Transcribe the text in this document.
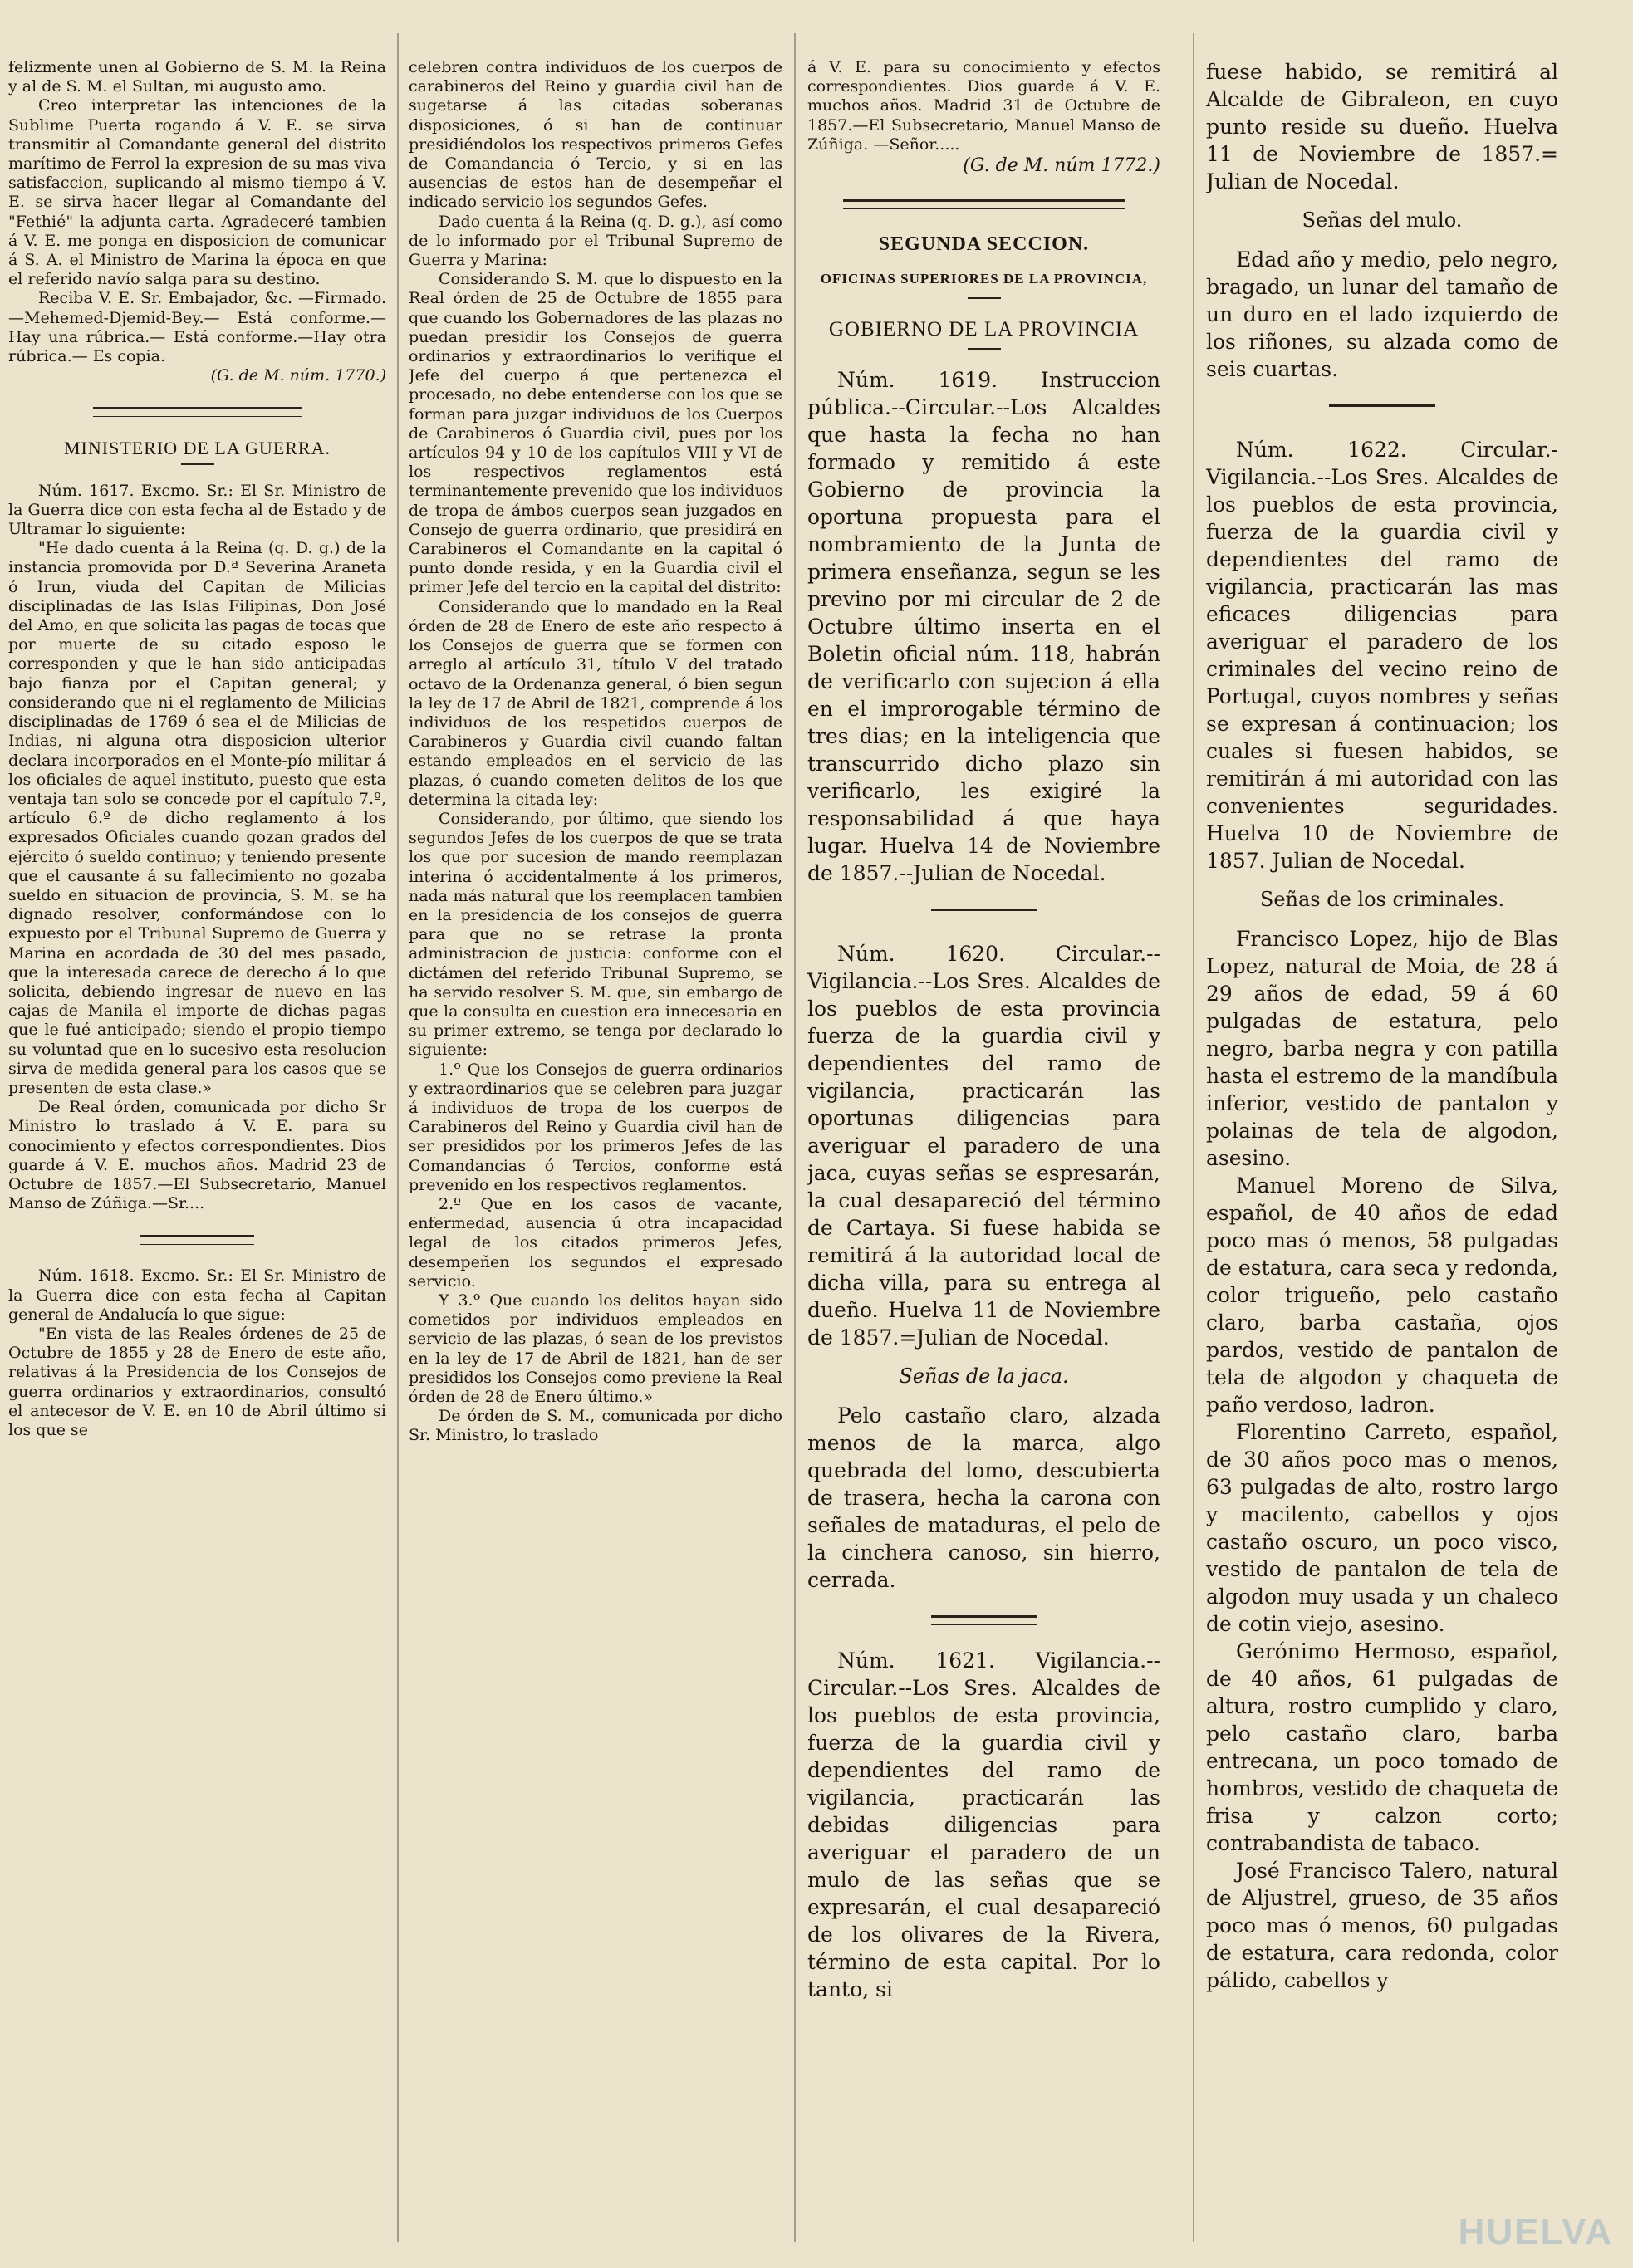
felizmente unen al Gobierno de S. M. la Reina y al de S. M. el Sultan, mi augusto amo.

Creo interpretar las intenciones de la Sublime Puerta rogando á V. E. se sirva transmitir al Comandante general del distrito marítimo de Ferrol la expresion de su mas viva satisfaccion, suplicando al mismo tiempo á V. E. se sirva hacer llegar al Comandante del "Fethié" la adjunta carta. Agradeceré tambien á V. E. me ponga en disposicion de comunicar á S. A. el Ministro de Marina la época en que el referido navío salga para su destino.

Reciba V. E. Sr. Embajador, &c. —Firmado.—Mehemed-Djemid-Bey.— Está conforme.—Hay una rúbrica.— Está conforme.—Hay otra rúbrica.— Es copia.

(G. de M. núm. 1770.)

MINISTERIO DE LA GUERRA.

Núm. 1617. Excmo. Sr.: El Sr. Ministro de la Guerra dice con esta fecha al de Estado y de Ultramar lo siguiente:

"He dado cuenta á la Reina (q. D. g.) de la instancia promovida por D.ª Severina Araneta ó Irun, viuda del Capitan de Milicias disciplinadas de las Islas Filipinas, Don José del Amo, en que solicita las pagas de tocas que por muerte de su citado esposo le corresponden y que le han sido anticipadas bajo fianza por el Capitan general; y considerando que ni el reglamento de Milicias disciplinadas de 1769 ó sea el de Milicias de Indias, ni alguna otra disposicion ulterior declara incorporados en el Monte-pío militar á los oficiales de aquel instituto, puesto que esta ventaja tan solo se concede por el capítulo 7.º, artículo 6.º de dicho reglamento á los expresados Oficiales cuando gozan grados del ejército ó sueldo continuo; y teniendo presente que el causante á su fallecimiento no gozaba sueldo en situacion de provincia, S. M. se ha dignado resolver, conformándose con lo expuesto por el Tribunal Supremo de Guerra y Marina en acordada de 30 del mes pasado, que la interesada carece de derecho á lo que solicita, debiendo ingresar de nuevo en las cajas de Manila el importe de dichas pagas que le fué anticipado; siendo el propio tiempo su voluntad que en lo sucesivo esta resolucion sirva de medida general para los casos que se presenten de esta clase.»

De Real órden, comunicada por dicho Sr Ministro lo traslado á V. E. para su conocimiento y efectos correspondientes. Dios guarde á V. E. muchos años. Madrid 23 de Octubre de 1857.—El Subsecretario, Manuel Manso de Zúñiga.—Sr....

Núm. 1618. Excmo. Sr.: El Sr. Ministro de la Guerra dice con esta fecha al Capitan general de Andalucía lo que sigue:

"En vista de las Reales órdenes de 25 de Octubre de 1855 y 28 de Enero de este año, relativas á la Presidencia de los Consejos de guerra ordinarios y extraordinarios, consultó el antecesor de V. E. en 10 de Abril último si los que se

celebren contra individuos de los cuerpos de carabineros del Reino y guardia civil han de sugetarse á las citadas soberanas disposiciones, ó si han de continuar presidiéndolos los respectivos primeros Gefes de Comandancia ó Tercio, y si en las ausencias de estos han de desempeñar el indicado servicio los segundos Gefes.

Dado cuenta á la Reina (q. D. g.), así como de lo informado por el Tribunal Supremo de Guerra y Marina:

Considerando S. M. que lo dispuesto en la Real órden de 25 de Octubre de 1855 para que cuando los Gobernadores de las plazas no puedan presidir los Consejos de guerra ordinarios y extraordinarios lo verifique el Jefe del cuerpo á que pertenezca el procesado, no debe entenderse con los que se forman para juzgar individuos de los Cuerpos de Carabineros ó Guardia civil, pues por los artículos 94 y 10 de los capítulos VIII y VI de los respectivos reglamentos está terminantemente prevenido que los individuos de tropa de ámbos cuerpos sean juzgados en Consejo de guerra ordinario, que presidirá en Carabineros el Comandante en la capital ó punto donde resida, y en la Guardia civil el primer Jefe del tercio en la capital del distrito:

Considerando que lo mandado en la Real órden de 28 de Enero de este año respecto á los Consejos de guerra que se formen con arreglo al artículo 31, título V del tratado octavo de la Ordenanza general, ó bien segun la ley de 17 de Abril de 1821, comprende á los individuos de los respetidos cuerpos de Carabineros y Guardia civil cuando faltan estando empleados en el servicio de las plazas, ó cuando cometen delitos de los que determina la citada ley:

Considerando, por último, que siendo los segundos Jefes de los cuerpos de que se trata los que por sucesion de mando reemplazan interina ó accidentalmente á los primeros, nada más natural que los reemplacen tambien en la presidencia de los consejos de guerra para que no se retrase la pronta administracion de justicia: conforme con el dictámen del referido Tribunal Supremo, se ha servido resolver S. M. que, sin embargo de que la consulta en cuestion era innecesaria en su primer extremo, se tenga por declarado lo siguiente:

1.º Que los Consejos de guerra ordinarios y extraordinarios que se celebren para juzgar á individuos de tropa de los cuerpos de Carabineros del Reino y Guardia civil han de ser presididos por los primeros Jefes de las Comandancias ó Tercios, conforme está prevenido en los respectivos reglamentos.

2.º Que en los casos de vacante, enfermedad, ausencia ú otra incapacidad legal de los citados primeros Jefes, desempeñen los segundos el expresado servicio.

Y 3.º Que cuando los delitos hayan sido cometidos por individuos empleados en servicio de las plazas, ó sean de los previstos en la ley de 17 de Abril de 1821, han de ser presididos los Consejos como previene la Real órden de 28 de Enero último.»

De órden de S. M., comunicada por dicho Sr. Ministro, lo traslado

á V. E. para su conocimiento y efectos correspondientes. Dios guarde á V. E. muchos años. Madrid 31 de Octubre de 1857.—El Subsecretario, Manuel Manso de Zúñiga. —Señor.....

(G. de M. núm 1772.)

SEGUNDA SECCION.
OFICINAS SUPERIORES DE LA PROVINCIA,
GOBIERNO DE LA PROVINCIA

Núm. 1619. Instruccion pública.--Circular.--Los Alcaldes que hasta la fecha no han formado y remitido á este Gobierno de provincia la oportuna propuesta para el nombramiento de la Junta de primera enseñanza, segun se les previno por mi circular de 2 de Octubre último inserta en el Boletin oficial núm. 118, habrán de verificarlo con sujecion á ella en el improrogable término de tres dias; en la inteligencia que transcurrido dicho plazo sin verificarlo, les exigiré la responsabilidad á que haya lugar. Huelva 14 de Noviembre de 1857.--Julian de Nocedal.

Núm. 1620. Circular.--Vigilancia.--Los Sres. Alcaldes de los pueblos de esta provincia fuerza de la guardia civil y dependientes del ramo de vigilancia, practicarán las oportunas diligencias para averiguar el paradero de una jaca, cuyas señas se espresarán, la cual desapareció del término de Cartaya. Si fuese habida se remitirá á la autoridad local de dicha villa, para su entrega al dueño. Huelva 11 de Noviembre de 1857.=Julian de Nocedal.

Señas de la jaca.

Pelo castaño claro, alzada menos de la marca, algo quebrada del lomo, descubierta de trasera, hecha la carona con señales de mataduras, el pelo de la cinchera canoso, sin hierro, cerrada.

Núm. 1621. Vigilancia.-- Circular.--Los Sres. Alcaldes de los pueblos de esta provincia, fuerza de la guardia civil y dependientes del ramo de vigilancia, practicarán las debidas diligencias para averiguar el paradero de un mulo de las señas que se expresarán, el cual desapareció de los olivares de la Rivera, término de esta capital. Por lo tanto, si

fuese habido, se remitirá al Alcalde de Gibraleon, en cuyo punto reside su dueño. Huelva 11 de Noviembre de 1857.= Julian de Nocedal.

Señas del mulo.

Edad año y medio, pelo negro, bragado, un lunar del tamaño de un duro en el lado izquierdo de los riñones, su alzada como de seis cuartas.

Núm. 1622. Circular.-Vigilancia.--Los Sres. Alcaldes de los pueblos de esta provincia, fuerza de la guardia civil y dependientes del ramo de vigilancia, practicarán las mas eficaces diligencias para averiguar el paradero de los criminales del vecino reino de Portugal, cuyos nombres y señas se expresan á continuacion; los cuales si fuesen habidos, se remitirán á mi autoridad con las convenientes seguridades. Huelva 10 de Noviembre de 1857. Julian de Nocedal.

Señas de los criminales.

Francisco Lopez, hijo de Blas Lopez, natural de Moia, de 28 á 29 años de edad, 59 á 60 pulgadas de estatura, pelo negro, barba negra y con patilla hasta el estremo de la mandíbula inferior, vestido de pantalon y polainas de tela de algodon, asesino.

Manuel Moreno de Silva, español, de 40 años de edad poco mas ó menos, 58 pulgadas de estatura, cara seca y redonda, color trigueño, pelo castaño claro, barba castaña, ojos pardos, vestido de pantalon de tela de algodon y chaqueta de paño verdoso, ladron.

Florentino Carreto, español, de 30 años poco mas o menos, 63 pulgadas de alto, rostro largo y macilento, cabellos y ojos castaño oscuro, un poco visco, vestido de pantalon de tela de algodon muy usada y un chaleco de cotin viejo, asesino.

Gerónimo Hermoso, español, de 40 años, 61 pulgadas de altura, rostro cumplido y claro, pelo castaño claro, barba entrecana, un poco tomado de hombros, vestido de chaqueta de frisa y calzon corto; contrabandista de tabaco.

José Francisco Talero, natural de Aljustrel, grueso, de 35 años poco mas ó menos, 60 pulgadas de estatura, cara redonda, color pálido, cabellos y

HUELVA
